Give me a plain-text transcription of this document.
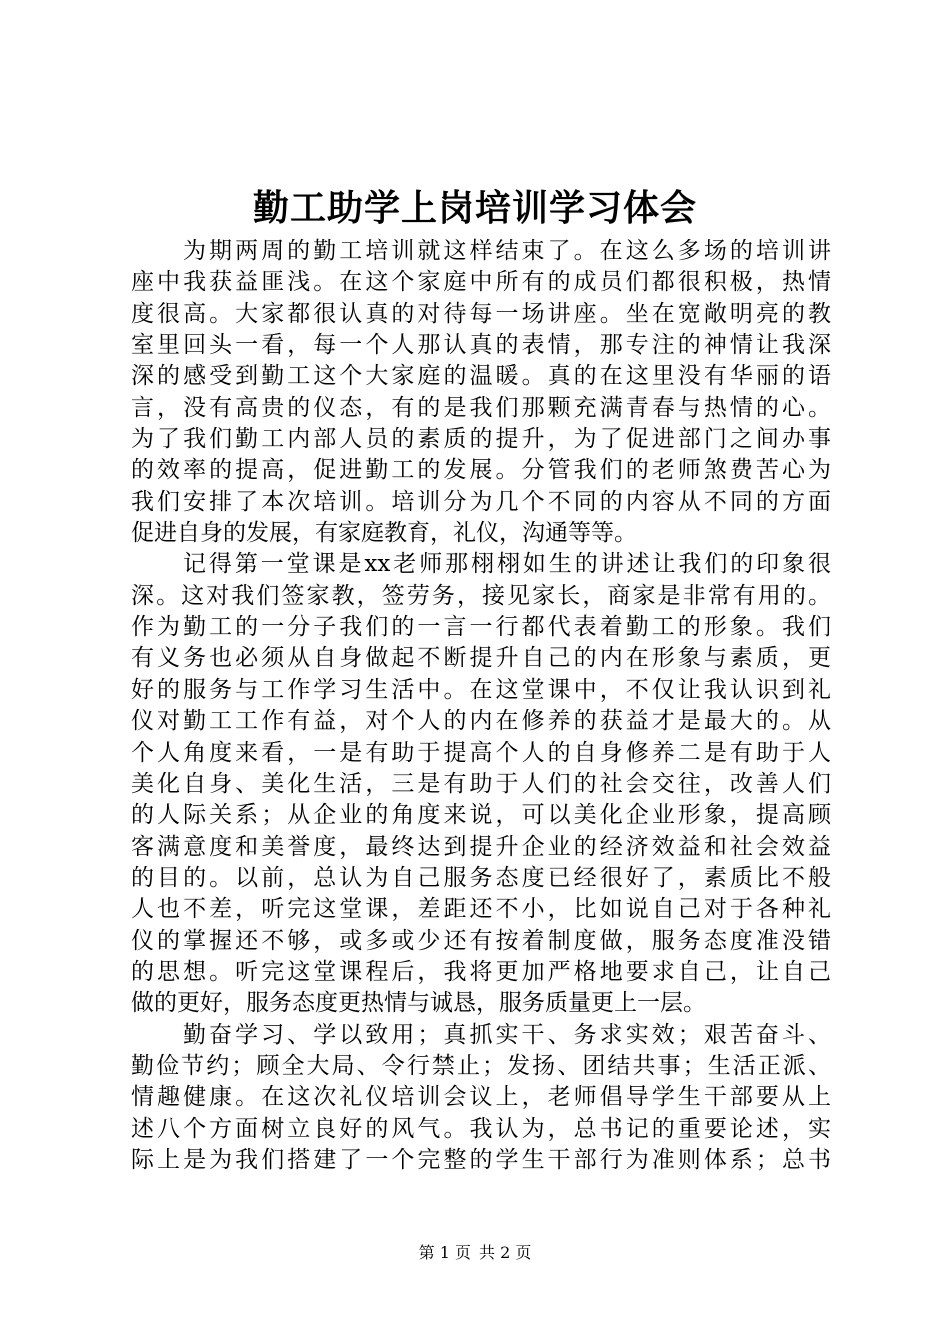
勤工助学上岗培训学习体会
为期两周的勤工培训就这样结束了。在这么多场的培训讲
座中我获益匪浅。在这个家庭中所有的成员们都很积极，热情
度很高。大家都很认真的对待每一场讲座。坐在宽敞明亮的教
室里回头一看，每一个人那认真的表情，那专注的神情让我深
深的感受到勤工这个大家庭的温暖。真的在这里没有华丽的语
言，没有高贵的仪态，有的是我们那颗充满青春与热情的心。
为了我们勤工内部人员的素质的提升，为了促进部门之间办事
的效率的提高，促进勤工的发展。分管我们的老师煞费苦心为
我们安排了本次培训。培训分为几个不同的内容从不同的方面
促进自身的发展，有家庭教育，礼仪，沟通等等。
记得第一堂课是xx老师那栩栩如生的讲述让我们的印象很
深。这对我们签家教，签劳务，接见家长，商家是非常有用的。
作为勤工的一分子我们的一言一行都代表着勤工的形象。我们
有义务也必须从自身做起不断提升自己的内在形象与素质，更
好的服务与工作学习生活中。在这堂课中，不仅让我认识到礼
仪对勤工工作有益，对个人的内在修养的获益才是最大的。从
个人角度来看，一是有助于提高个人的自身修养二是有助于人
美化自身、美化生活，三是有助于人们的社会交往，改善人们
的人际关系；从企业的角度来说，可以美化企业形象，提高顾
客满意度和美誉度，最终达到提升企业的经济效益和社会效益
的目的。以前，总认为自己服务态度已经很好了，素质比不般
人也不差，听完这堂课，差距还不小，比如说自己对于各种礼
仪的掌握还不够，或多或少还有按着制度做，服务态度准没错
的思想。听完这堂课程后，我将更加严格地要求自己，让自己
做的更好，服务态度更热情与诚恳，服务质量更上一层。
勤奋学习、学以致用；真抓实干、务求实效；艰苦奋斗、
勤俭节约；顾全大局、令行禁止；发扬、团结共事；生活正派、
情趣健康。在这次礼仪培训会议上，老师倡导学生干部要从上
述八个方面树立良好的风气。我认为，总书记的重要论述，实
际上是为我们搭建了一个完整的学生干部行为准则体系；总书
第 1 页 共 2 页
